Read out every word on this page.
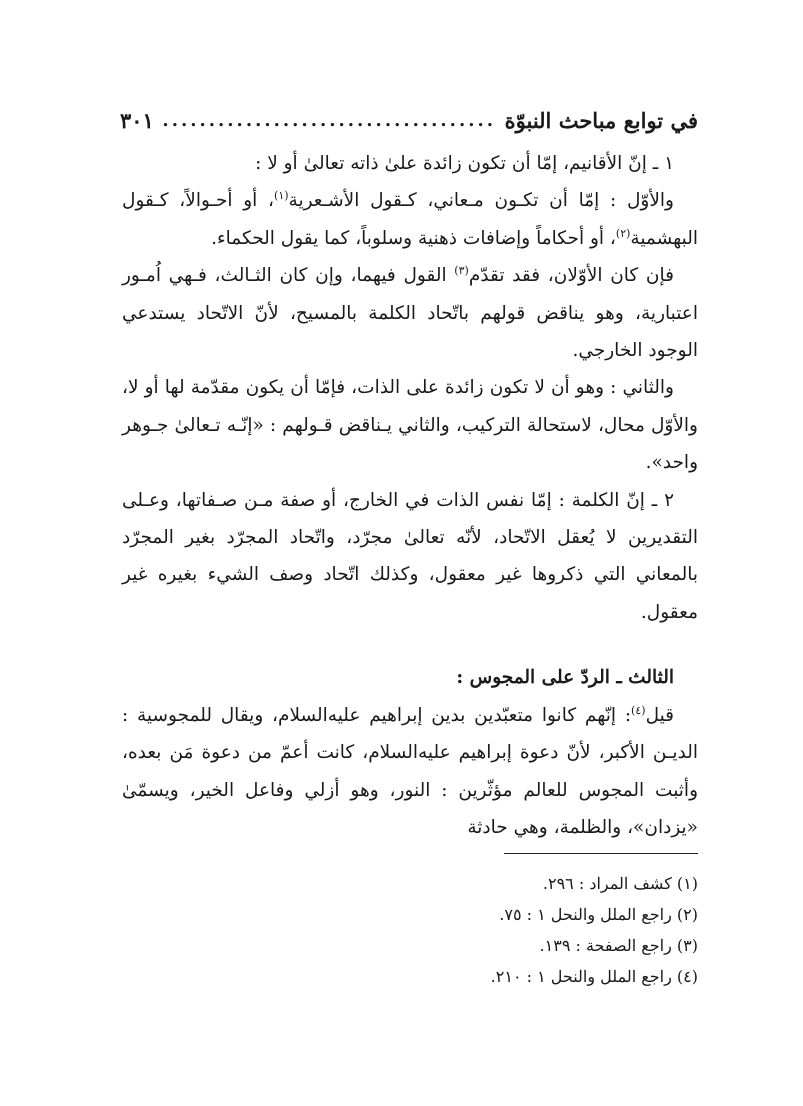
في توابع مباحث النبوّة
....................................
٣٠١

١ ـ إنّ الأقانيم، إمّا أن تكون زائدة علىٰ ذاته تعالىٰ أو لا :

والأوّل : إمّا أن تكـون مـعاني، كـقول الأشـعرية$^{(١)}$، أو أحـوالاً، كـقول البهشمية$^{(٢)}$، أو أحكاماً وإضافات ذهنية وسلوباً، كما يقول الحكماء.

فإن كان الأوّلان، فقد تقدّم$^{(٣)}$ القول فيهما، وإن كان الثـالث، فـهي اُمـور اعتبارية، وهو يناقض قولهم باتّحاد الكلمة بالمسيح، لأنّ الاتّحاد يستدعي الوجود الخارجي.

والثاني : وهو أن لا تكون زائدة على الذات، فإمّا أن يكون مقدّمة لها أو لا، والأوّل محال، لاستحالة التركيب، والثاني يـناقض قـولهم : «إنّـه تـعالىٰ جـوهر واحد».

٢ ـ إنّ الكلمة : إمّا نفس الذات في الخارج، أو صفة مـن صـفاتها، وعـلى التقديرين لا يُعقل الاتّحاد، لأنّه تعالىٰ مجرّد، واتّحاد المجرّد بغير المجرّد بالمعاني التي ذكروها غير معقول، وكذلك اتّحاد وصف الشيء بغيره غير معقول.

الثالث ـ الردّ على المجوس :

قيل$^{(٤)}$: إنّهم كانوا متعبّدين بدين إبراهيم عليه‌السلام، ويقال للمجوسية : الديـن الأكبر، لأنّ دعوة إبراهيم عليه‌السلام، كانت أعمّ من دعوة مَن بعده، وأثبت المجوس للعالم مؤثّرين : النور، وهو أزلي وفاعل الخير، ويسمّىٰ «يزدان»، والظلمة، وهي حادثة

(١) كشف المراد : ٢٩٦.
(٢) راجع الملل والنحل ١ : ٧٥.
(٣) راجع الصفحة : ١٣٩.
(٤) راجع الملل والنحل ١ : ٢١٠.
